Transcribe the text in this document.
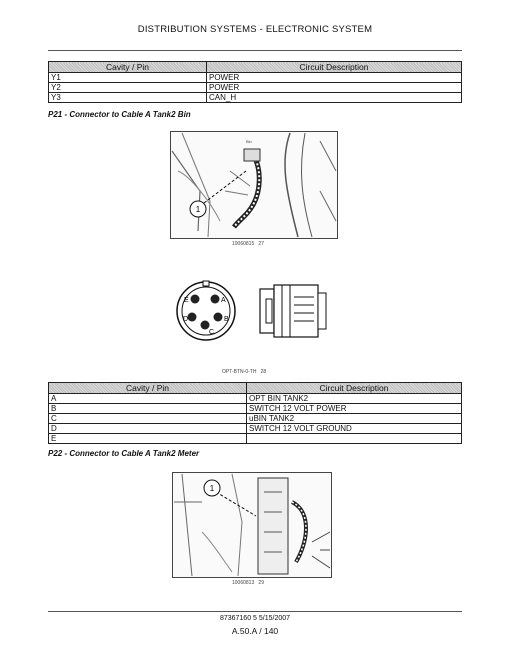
DISTRIBUTION SYSTEMS - ELECTRONIC SYSTEM
Cavity / Pin	Circuit Description
Y1	POWER
Y2	POWER
Y3	CAN_H
P21 - Connector to Cable A Tank2 Bin
1
Bin
10060815 27
E	A
D	B
C
OPT-BTN-0-TH 28
Cavity / Pin	Circuit Description
A	OPT BIN TANK2
B	SWITCH 12 VOLT POWER
C	uBIN TANK2
D	SWITCH 12 VOLT GROUND
E	
P22 - Connector to Cable A Tank2 Meter
1
10060813 29
87367160 5 5/15/2007
A.50.A / 140
